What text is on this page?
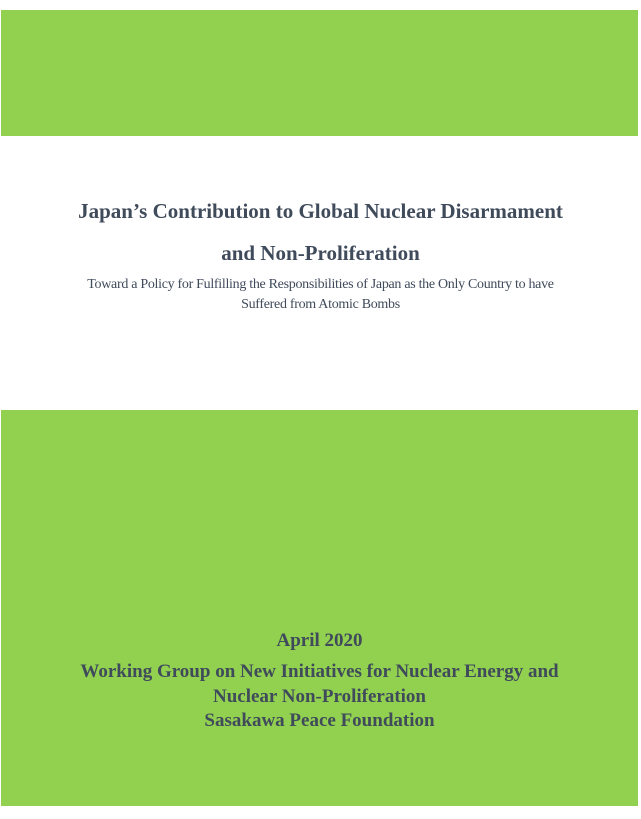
Japan’s Contribution to Global Nuclear Disarmament
and Non-Proliferation
Toward a Policy for Fulfilling the Responsibilities of Japan as the Only Country to have
Suffered from Atomic Bombs
April 2020
Working Group on New Initiatives for Nuclear Energy and
Nuclear Non-Proliferation
Sasakawa Peace Foundation
